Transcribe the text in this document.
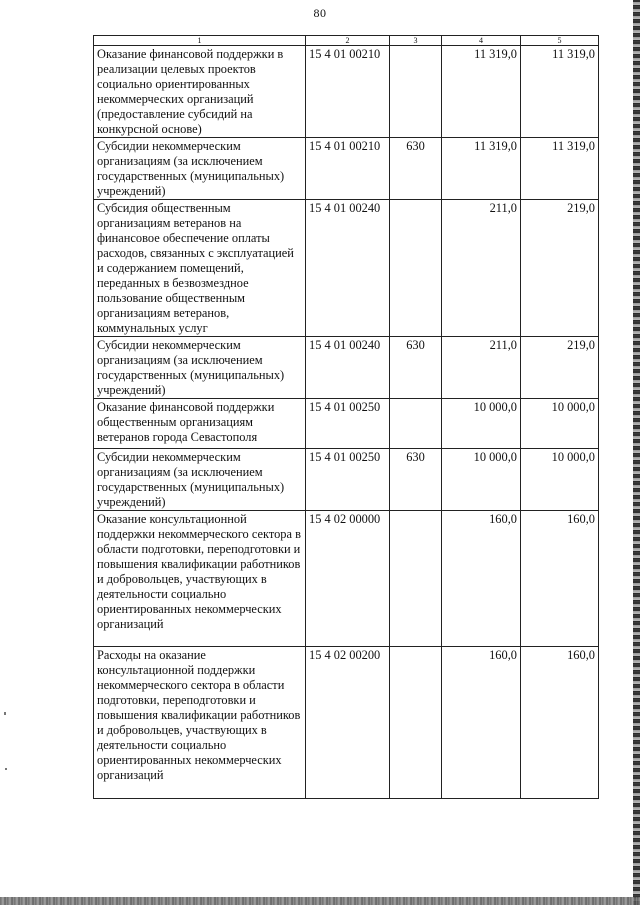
80
1	2	3	4	5
Оказание финансовой поддержки в реализации целевых проектов социально ориентированных некоммерческих организаций (предоставление субсидий на конкурсной основе)	15 4 01 00210		11 319,0	11 319,0
Субсидии некоммерческим организациям (за исключением государственных (муниципальных) учреждений)	15 4 01 00210	630	11 319,0	11 319,0
Субсидия общественным организациям ветеранов на финансовое обеспечение оплаты расходов, связанных с эксплуатацией и содержанием помещений, переданных в безвозмездное пользование общественным организациям ветеранов, коммунальных услуг	15 4 01 00240		211,0	219,0
Субсидии некоммерческим организациям (за исключением государственных (муниципальных) учреждений)	15 4 01 00240	630	211,0	219,0
Оказание финансовой поддержки общественным организациям ветеранов города Севастополя	15 4 01 00250		10 000,0	10 000,0
Субсидии некоммерческим организациям (за исключением государственных (муниципальных) учреждений)	15 4 01 00250	630	10 000,0	10 000,0
Оказание консультационной поддержки некоммерческого сектора в области подготовки, переподготовки и повышения квалификации работников и добровольцев, участвующих в деятельности социально ориентированных некоммерческих организаций	15 4 02 00000		160,0	160,0
Расходы на оказание консультационной поддержки некоммерческого сектора в области подготовки, переподготовки и повышения квалификации работников и добровольцев, участвующих в деятельности социально ориентированных некоммерческих организаций	15 4 02 00200		160,0	160,0
